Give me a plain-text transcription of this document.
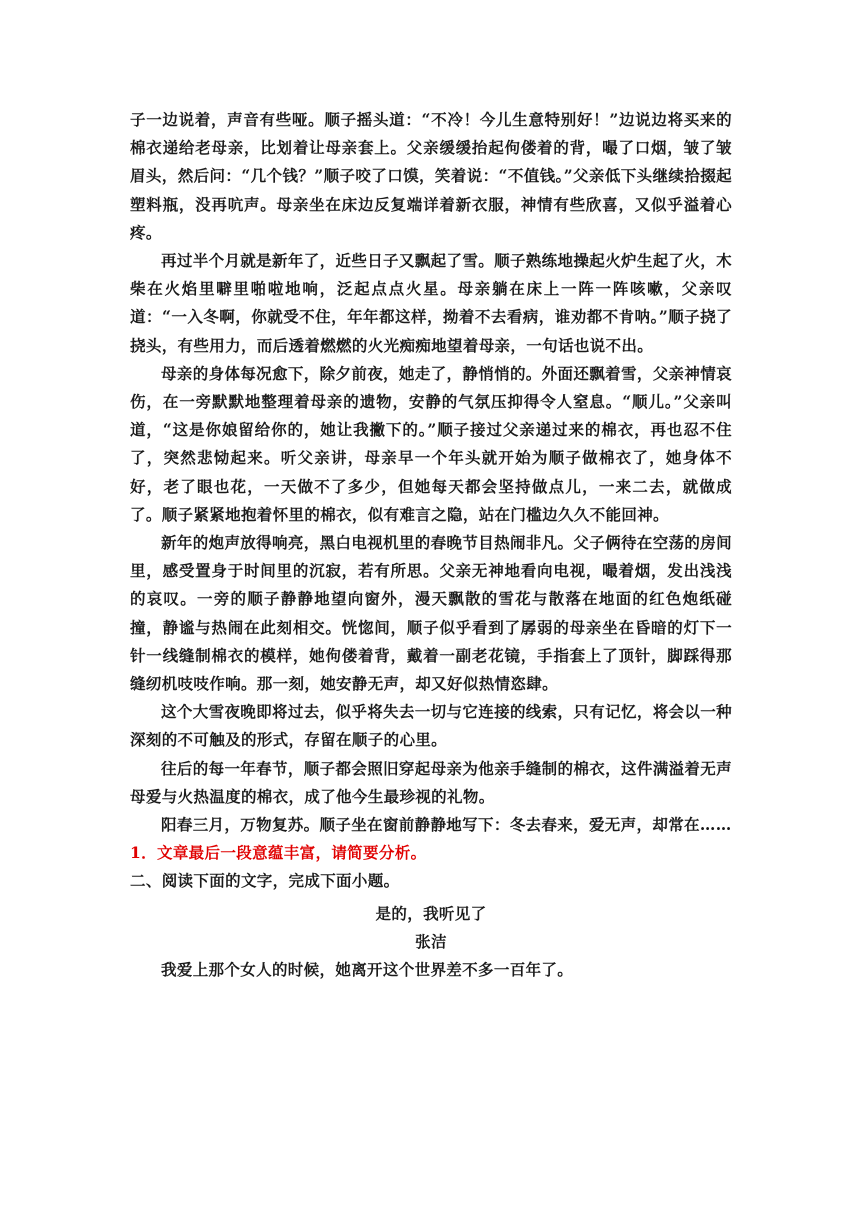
子一边说着，声音有些哑。顺子摇头道：“不冷！今儿生意特别好！”边说边将买来的棉衣递给老母亲，比划着让母亲套上。父亲缓缓抬起佝偻着的背，嘬了口烟，皱了皱眉头，然后问：“几个钱？”顺子咬了口馍，笑着说：“不值钱。”父亲低下头继续拾掇起塑料瓶，没再吭声。母亲坐在床边反复端详着新衣服，神情有些欣喜，又似乎溢着心疼。

再过半个月就是新年了，近些日子又飘起了雪。顺子熟练地操起火炉生起了火，木柴在火焰里噼里啪啦地响，泛起点点火星。母亲躺在床上一阵一阵咳嗽，父亲叹道：“一入冬啊，你就受不住，年年都这样，拗着不去看病，谁劝都不肯呐。”顺子挠了挠头，有些用力，而后透着燃燃的火光痴痴地望着母亲，一句话也说不出。

母亲的身体每况愈下，除夕前夜，她走了，静悄悄的。外面还飘着雪，父亲神情哀伤，在一旁默默地整理着母亲的遗物，安静的气氛压抑得令人窒息。“顺儿。”父亲叫道，“这是你娘留给你的，她让我撇下的。”顺子接过父亲递过来的棉衣，再也忍不住了，突然悲恸起来。听父亲讲，母亲早一个年头就开始为顺子做棉衣了，她身体不好，老了眼也花，一天做不了多少，但她每天都会坚持做点儿，一来二去，就做成了。顺子紧紧地抱着怀里的棉衣，似有难言之隐，站在门槛边久久不能回神。

新年的炮声放得响亮，黑白电视机里的春晚节目热闹非凡。父子俩待在空荡的房间里，感受置身于时间里的沉寂，若有所思。父亲无神地看向电视，嘬着烟，发出浅浅的哀叹。一旁的顺子静静地望向窗外，漫天飘散的雪花与散落在地面的红色炮纸碰撞，静谧与热闹在此刻相交。恍惚间，顺子似乎看到了孱弱的母亲坐在昏暗的灯下一针一线缝制棉衣的模样，她佝偻着背，戴着一副老花镜，手指套上了顶针，脚踩得那缝纫机吱吱作响。那一刻，她安静无声，却又好似热情恣肆。

这个大雪夜晚即将过去，似乎将失去一切与它连接的线索，只有记忆，将会以一种深刻的不可触及的形式，存留在顺子的心里。

往后的每一年春节，顺子都会照旧穿起母亲为他亲手缝制的棉衣，这件满溢着无声母爱与火热温度的棉衣，成了他今生最珍视的礼物。

阳春三月，万物复苏。顺子坐在窗前静静地写下：冬去春来，爱无声，却常在……

1．文章最后一段意蕴丰富，请简要分析。

二、阅读下面的文字，完成下面小题。

是的，我听见了

张洁

我爱上那个女人的时候，她离开这个世界差不多一百年了。
